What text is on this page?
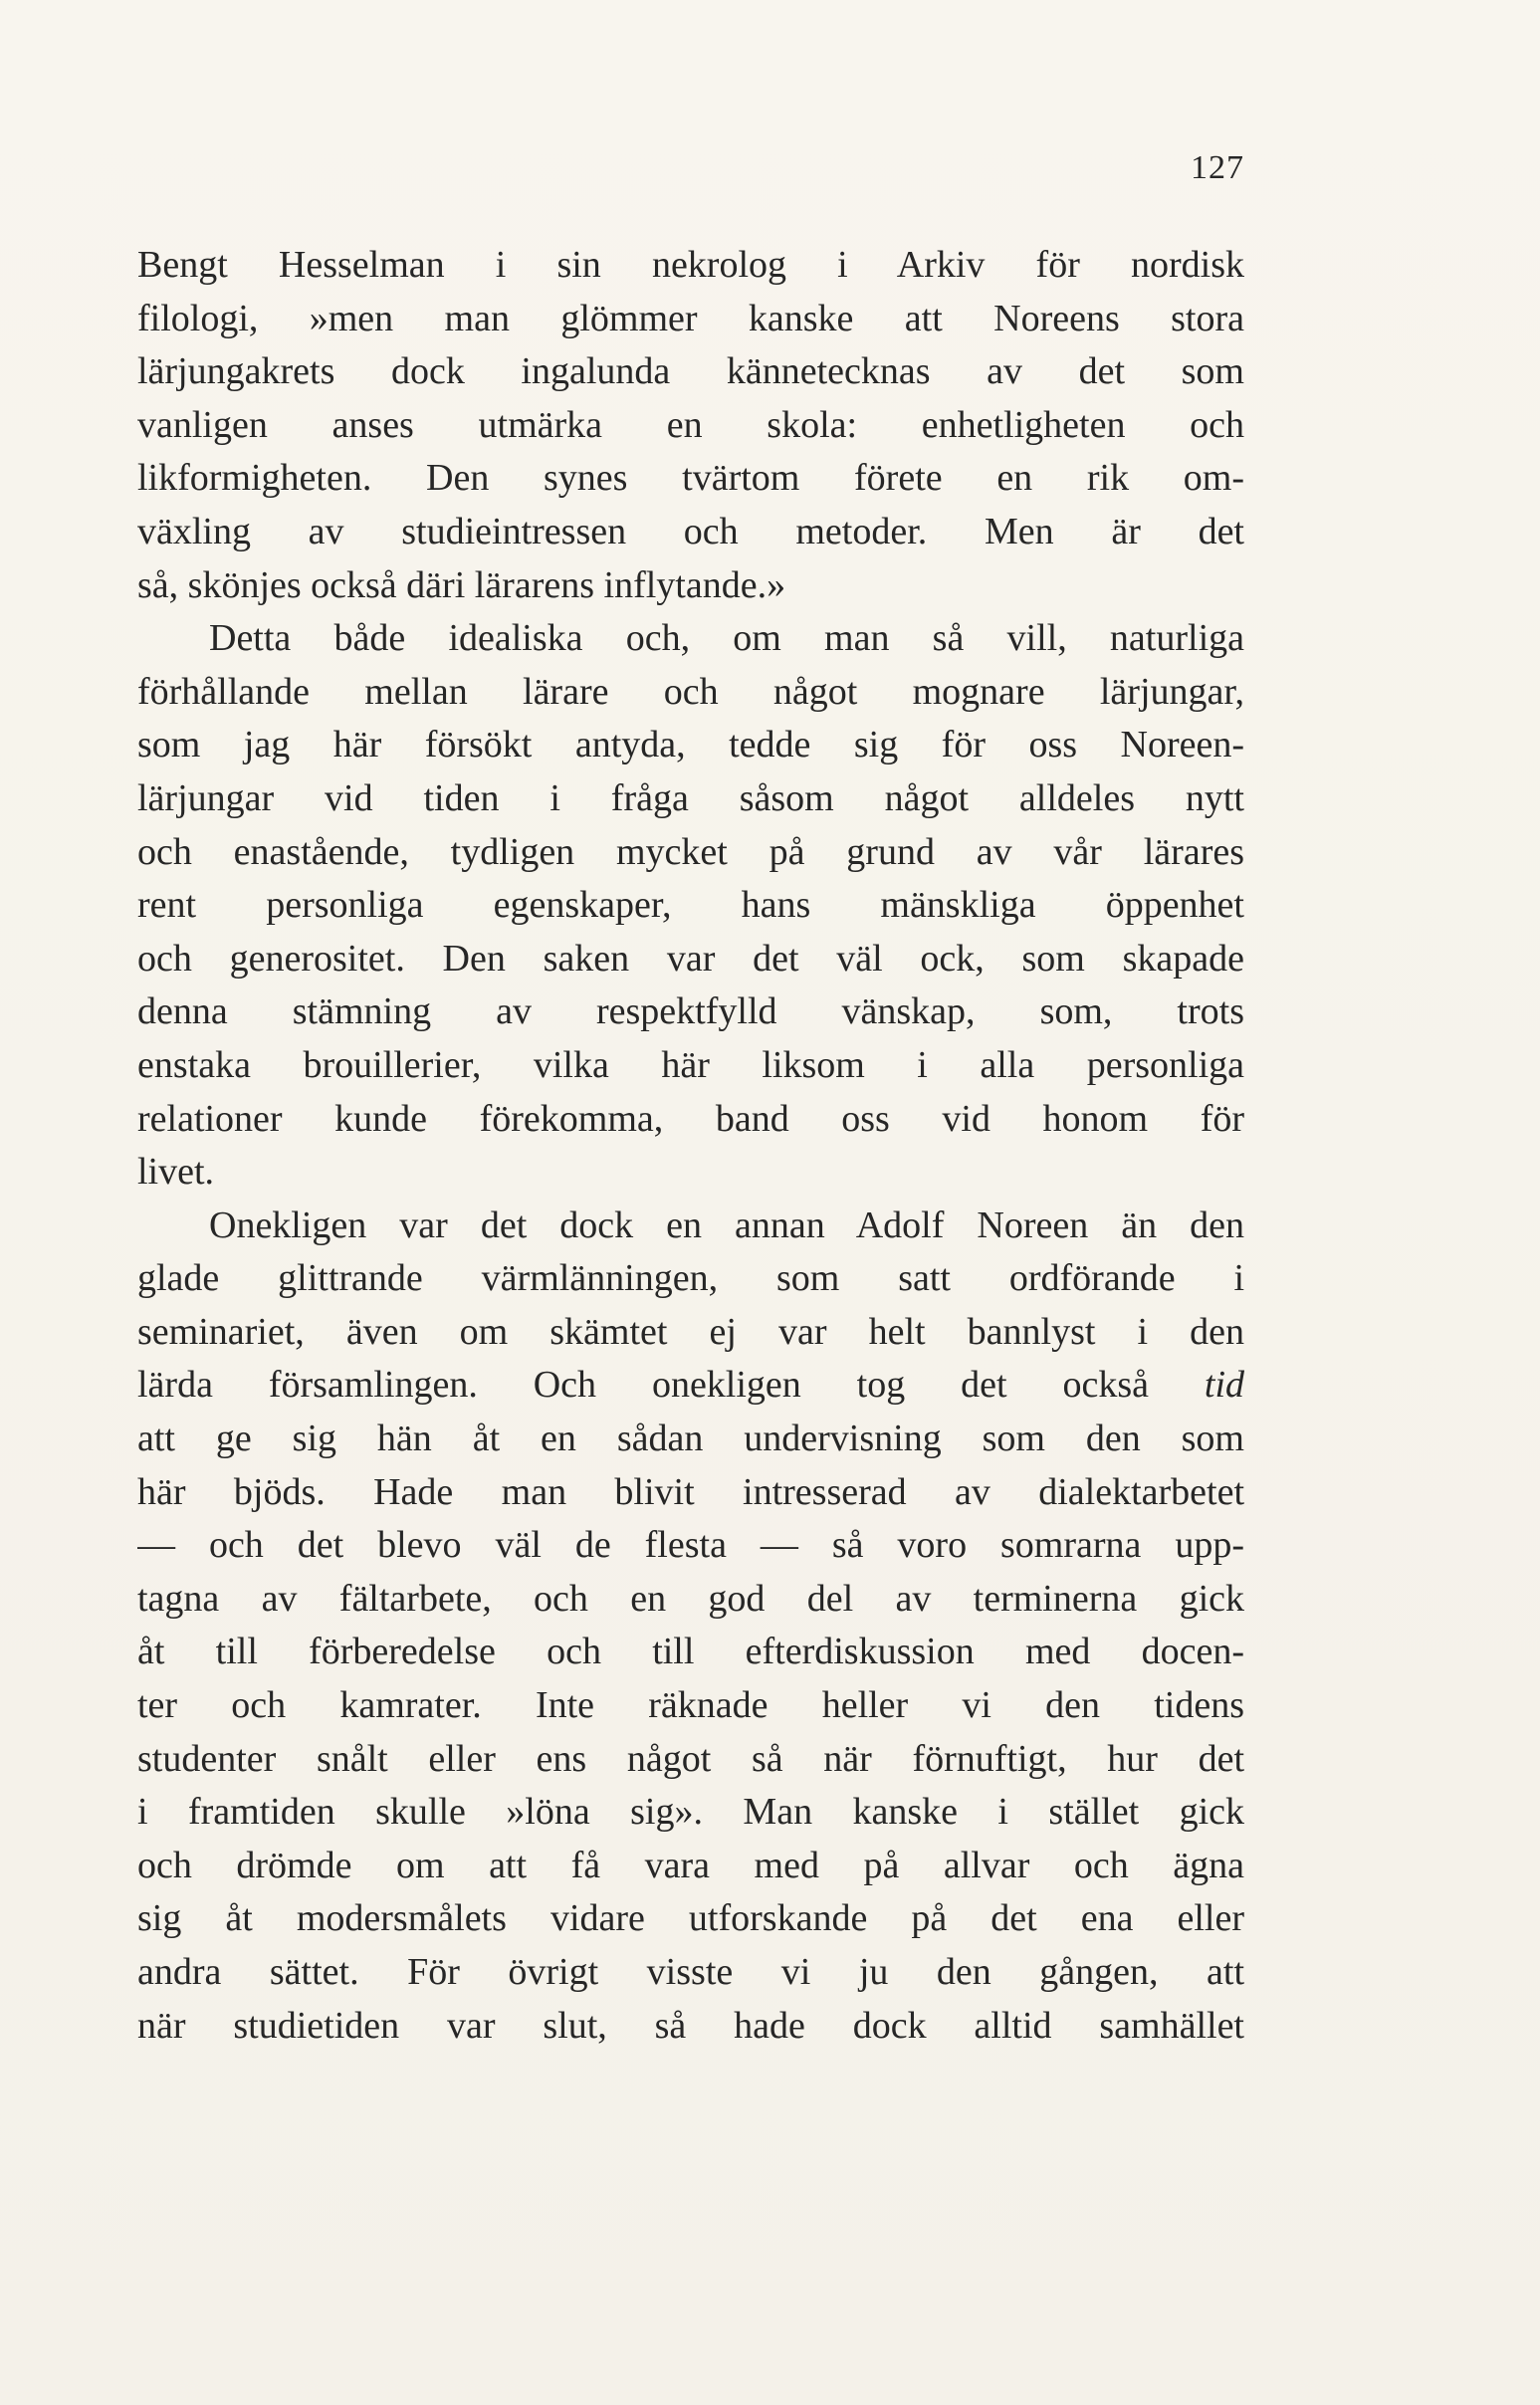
127
Bengt Hesselman i sin nekrolog i Arkiv för nordisk
filologi, »men man glömmer kanske att Noreens stora
lärjungakrets dock ingalunda kännetecknas av det som
vanligen anses utmärka en skola: enhetligheten och
likformigheten. Den synes tvärtom förete en rik om-
växling av studieintressen och metoder. Men är det
så, skönjes också däri lärarens inflytande.»
Detta både idealiska och, om man så vill, naturliga
förhållande mellan lärare och något mognare lärjungar,
som jag här försökt antyda, tedde sig för oss Noreen-
lärjungar vid tiden i fråga såsom något alldeles nytt
och enastående, tydligen mycket på grund av vår lärares
rent personliga egenskaper, hans mänskliga öppenhet
och generositet. Den saken var det väl ock, som skapade
denna stämning av respektfylld vänskap, som, trots
enstaka brouillerier, vilka här liksom i alla personliga
relationer kunde förekomma, band oss vid honom för
livet.
Onekligen var det dock en annan Adolf Noreen än den
glade glittrande värmlänningen, som satt ordförande i
seminariet, även om skämtet ej var helt bannlyst i den
lärda församlingen. Och onekligen tog det också tid
att ge sig hän åt en sådan undervisning som den som
här bjöds. Hade man blivit intresserad av dialektarbetet
— och det blevo väl de flesta — så voro somrarna upp-
tagna av fältarbete, och en god del av terminerna gick
åt till förberedelse och till efterdiskussion med docen-
ter och kamrater. Inte räknade heller vi den tidens
studenter snålt eller ens något så när förnuftigt, hur det
i framtiden skulle »löna sig». Man kanske i stället gick
och drömde om att få vara med på allvar och ägna
sig åt modersmålets vidare utforskande på det ena eller
andra sättet. För övrigt visste vi ju den gången, att
när studietiden var slut, så hade dock alltid samhället
